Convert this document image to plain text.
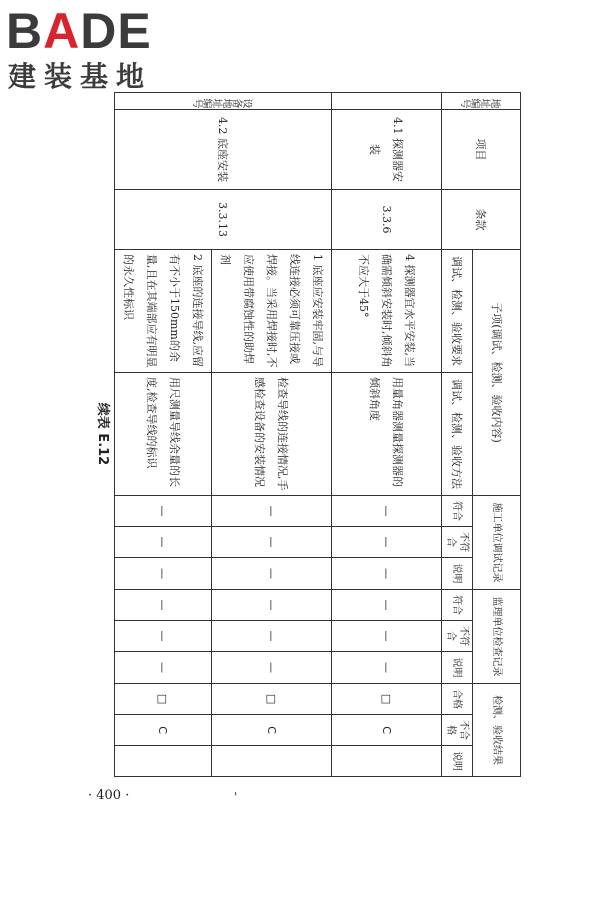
BADE
建装基地
地址编号	项目	条款	子项(调试、检测、验收内容)		施工单位调试记录			监理单位检查记录			检测、验收结果		
			调试、检测、验收要求	调试、检测、验收方法	符合	不符合	说明	符合	不符合	说明	合格	不合格	说明

	4.1 探测器安装	3.3.6	4 探测器宜水平安装,当确需倾斜安装时,倾斜角不应大于45°	用量角器测量探测器的倾斜角度	—	—	—	—	—	—	□	C	
设备地址编号	4.2 底座安装	3.3.13	1 底座应安装牢固,与导线连接必须可靠压接或焊接。当采用焊接时,不应使用带腐蚀性的助焊剂	检查导线的连接情况,手感检查设备的安装情况	—	—	—	—	—	—	□	C	
			2 底座的连接导线,应留有不小于150mm的余量,且在其端部应有明显的永久性标识	用尺测量导线余量的长度,检查导线的标识	—	—	—	—	—	—	□	C	
续表 E.12
· 400 ·	'
